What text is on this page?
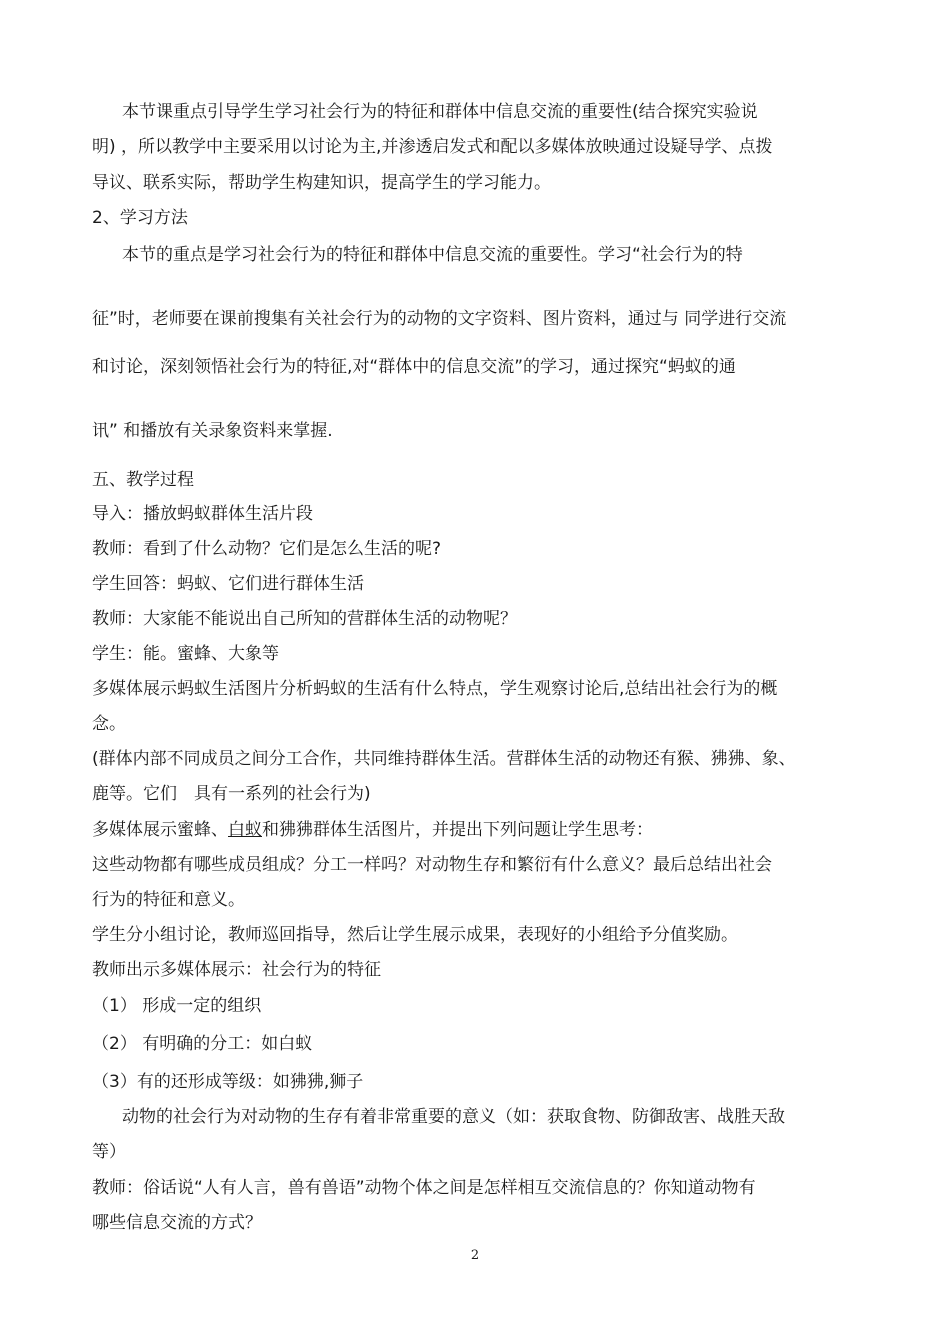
本节课重点引导学生学习社会行为的特征和群体中信息交流的重要性(结合探究实验说
明) ，所以教学中主要采用以讨论为主,并渗透启发式和配以多媒体放映通过设疑导学、点拨
导议、联系实际，帮助学生构建知识，提高学生的学习能力。
2、学习方法
本节的重点是学习社会行为的特征和群体中信息交流的重要性。学习“社会行为的特
征”时，老师要在课前搜集有关社会行为的动物的文字资料、图片资料，通过与 同学进行交流
和讨论，深刻领悟社会行为的特征,对“群体中的信息交流”的学习，通过探究“蚂蚁的通
讯” 和播放有关录象资料来掌握.
五、教学过程
导入：播放蚂蚁群体生活片段
教师：看到了什么动物？它们是怎么生活的呢?
学生回答：蚂蚁、它们进行群体生活
教师：大家能不能说出自己所知的营群体生活的动物呢？
学生：能。蜜蜂、大象等
多媒体展示蚂蚁生活图片分析蚂蚁的生活有什么特点，学生观察讨论后,总结出社会行为的概
念。
(群体内部不同成员之间分工合作，共同维持群体生活。营群体生活的动物还有猴、狒狒、象、
鹿等。它们　具有一系列的社会行为)
多媒体展示蜜蜂、白蚁和狒狒群体生活图片，并提出下列问题让学生思考：
这些动物都有哪些成员组成？分工一样吗？对动物生存和繁衍有什么意义？最后总结出社会
行为的特征和意义。
学生分小组讨论，教师巡回指导，然后让学生展示成果，表现好的小组给予分值奖励。
教师出示多媒体展示：社会行为的特征
（1） 形成一定的组织
（2） 有明确的分工：如白蚁
（3）有的还形成等级：如狒狒,狮子
动物的社会行为对动物的生存有着非常重要的意义（如：获取食物、防御敌害、战胜天敌
等）
教师：俗话说“人有人言，兽有兽语”动物个体之间是怎样相互交流信息的？你知道动物有
哪些信息交流的方式？
2
